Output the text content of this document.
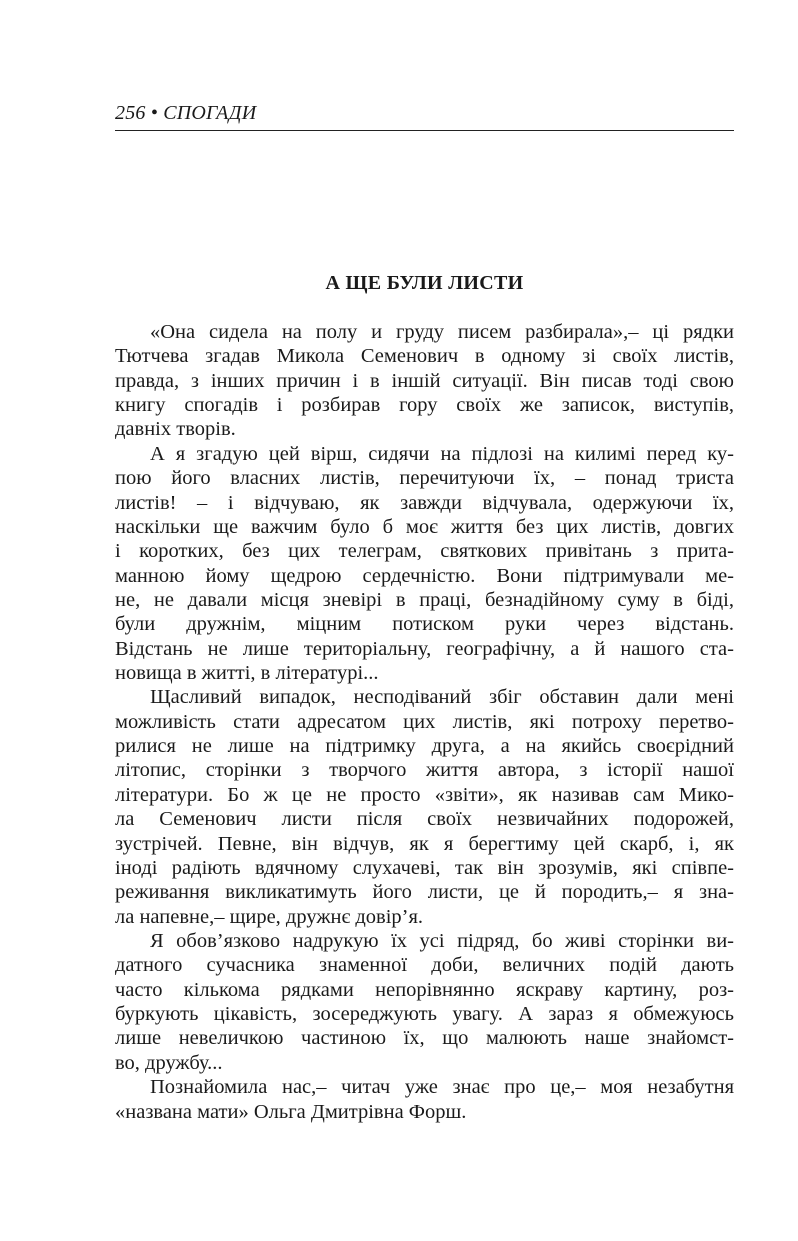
256 • СПОГАДИ
А ЩЕ БУЛИ ЛИСТИ
«Она сидела на полу и груду писем разбирала»,– ці рядки
Тютчева згадав Микола Семенович в одному зі своїх листів,
правда, з інших причин і в іншій ситуації. Він писав тоді свою
книгу спогадів і розбирав гору своїх же записок, виступів,
давніх творів.
А я згадую цей вірш, сидячи на підлозі на килимі перед ку-
пою його власних листів, перечитуючи їх, – понад триста
листів! – і відчуваю, як завжди відчувала, одержуючи їх,
наскільки ще важчим було б моє життя без цих листів, довгих
і коротких, без цих телеграм, святкових привітань з прита-
манною йому щедрою сердечністю. Вони підтримували ме-
не, не давали місця зневірі в праці, безнадійному суму в біді,
були дружнім, міцним потиском руки через відстань.
Відстань не лише територіальну, географічну, а й нашого ста-
новища в житті, в літературі...
Щасливий випадок, несподіваний збіг обставин дали мені
можливість стати адресатом цих листів, які потроху перетво-
рилися не лише на підтримку друга, а на якийсь своєрідний
літопис, сторінки з творчого життя автора, з історії нашої
літератури. Бо ж це не просто «звіти», як називав сам Мико-
ла Семенович листи після своїх незвичайних подорожей,
зустрічей. Певне, він відчув, як я берегтиму цей скарб, і, як
іноді радіють вдячному слухачеві, так він зрозумів, які співпе-
реживання викликатимуть його листи, це й породить,– я зна-
ла напевне,– щире, дружнє довір’я.
Я обов’язково надрукую їх усі підряд, бо живі сторінки ви-
датного сучасника знаменної доби, величних подій дають
часто кількома рядками непорівнянно яскраву картину, роз-
буркують цікавість, зосереджують увагу. А зараз я обмежуюсь
лише невеличкою частиною їх, що малюють наше знайомст-
во, дружбу...
Познайомила нас,– читач уже знає про це,– моя незабутня
«названа мати» Ольга Дмитрівна Форш.
